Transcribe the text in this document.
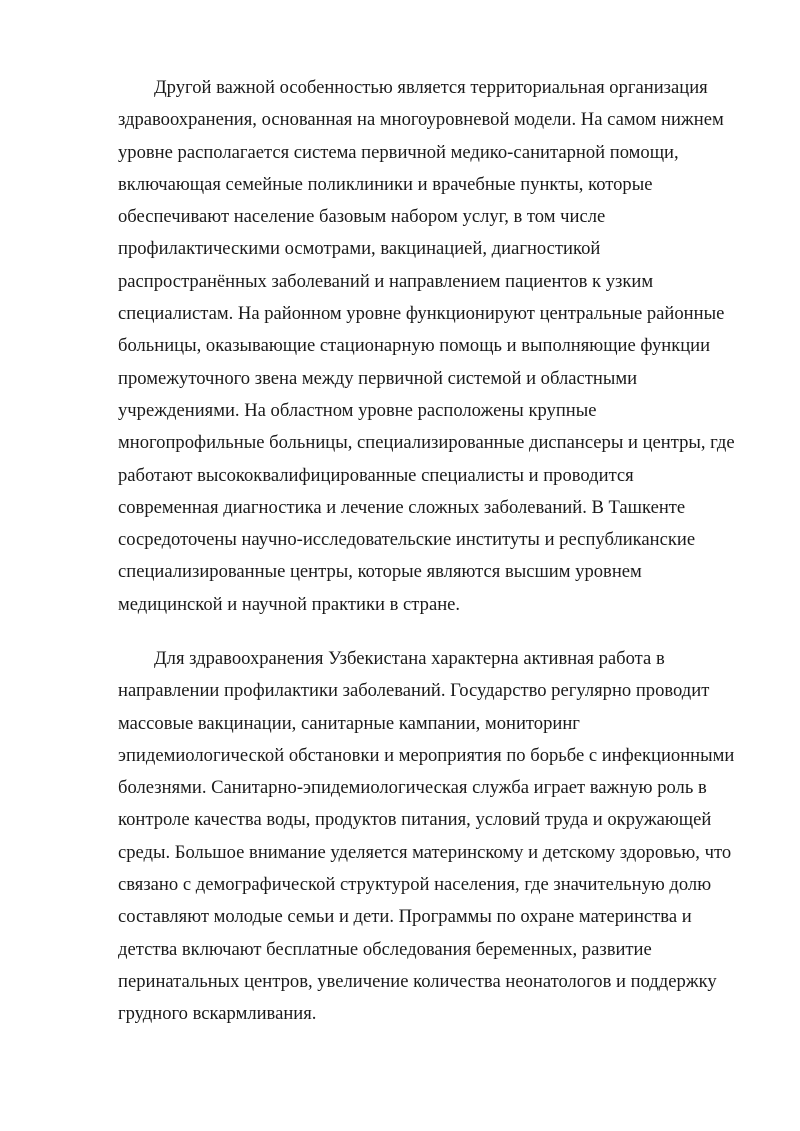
Другой важной особенностью является территориальная организация
здравоохранения, основанная на многоуровневой модели. На самом нижнем
уровне располагается система первичной медико-санитарной помощи,
включающая семейные поликлиники и врачебные пункты, которые
обеспечивают население базовым набором услуг, в том числе
профилактическими осмотрами, вакцинацией, диагностикой
распространённых заболеваний и направлением пациентов к узким
специалистам. На районном уровне функционируют центральные районные
больницы, оказывающие стационарную помощь и выполняющие функции
промежуточного звена между первичной системой и областными
учреждениями. На областном уровне расположены крупные
многопрофильные больницы, специализированные диспансеры и центры, где
работают высококвалифицированные специалисты и проводится
современная диагностика и лечение сложных заболеваний. В Ташкенте
сосредоточены научно-исследовательские институты и республиканские
специализированные центры, которые являются высшим уровнем
медицинской и научной практики в стране.

Для здравоохранения Узбекистана характерна активная работа в
направлении профилактики заболеваний. Государство регулярно проводит
массовые вакцинации, санитарные кампании, мониторинг
эпидемиологической обстановки и мероприятия по борьбе с инфекционными
болезнями. Санитарно-эпидемиологическая служба играет важную роль в
контроле качества воды, продуктов питания, условий труда и окружающей
среды. Большое внимание уделяется материнскому и детскому здоровью, что
связано с демографической структурой населения, где значительную долю
составляют молодые семьи и дети. Программы по охране материнства и
детства включают бесплатные обследования беременных, развитие
перинатальных центров, увеличение количества неонатологов и поддержку
грудного вскармливания.
